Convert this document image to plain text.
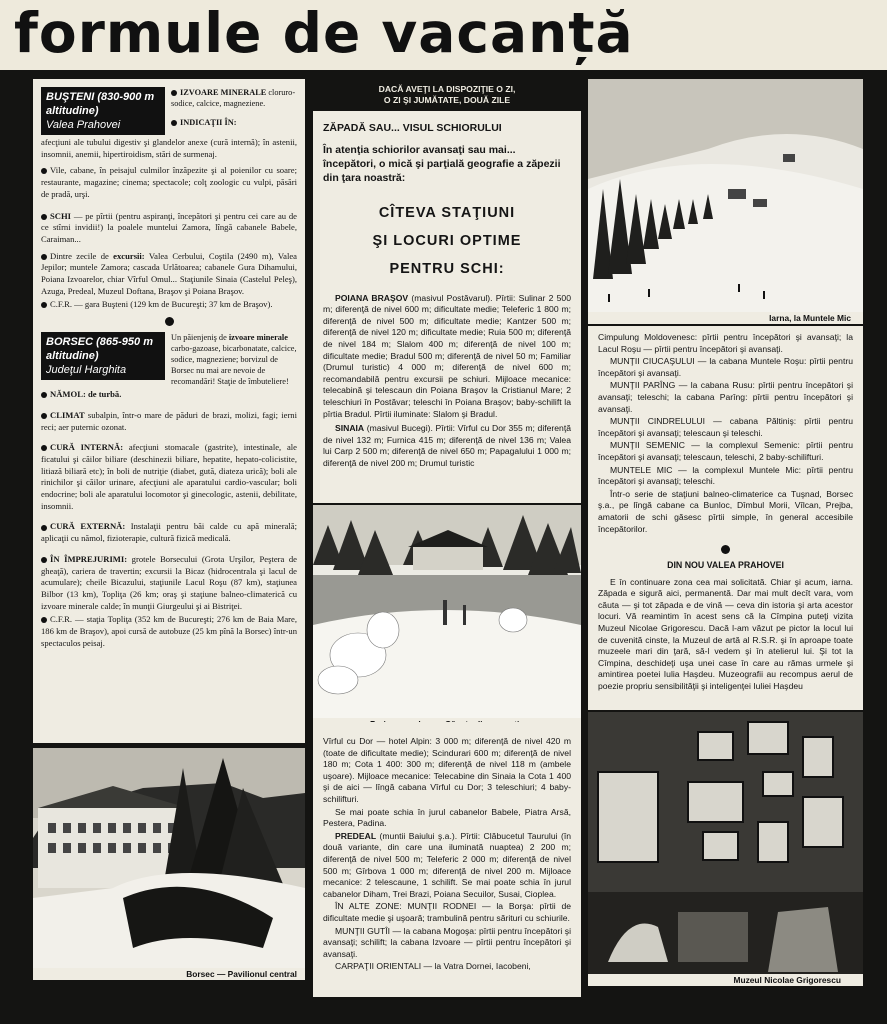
formule de vacanță
BUŞTENI (830-900 m
altitudine)
Valea Prahovei
IZVOARE MINERALE cloruro-sodice, calcice, magneziene.
INDICAŢII ÎN:

afecţiuni ale tubului digestiv şi glandelor anexe (cură internă); în astenii, insomnii, anemii, hipertiroidism, stări de surmenaj.

Vile, cabane, în peisajul culmilor înzăpezite şi al poienilor cu soare; restaurante, magazine; cinema; spectacole; colţ zoologic cu vulpi, păsări de pradă, urşi.

SCHI — pe pîrtii (pentru aspiranţi, începători şi pentru cei care au de ce stîrni invidii!) la poalele muntelui Zamora, lîngă cabanele Babele, Caraiman...

Dintre zecile de excursii: Valea Cerbului, Coştila (2490 m), Valea Jepilor; muntele Zamora; cascada Urlătoarea; cabanele Gura Dihamului, Poiana Izvoarelor, chiar Vîrful Omul... Staţiunile Sinaia (Castelul Peleş), Azuga, Predeal, Muzeul Doftana, Braşov şi Poiana Braşov.

C.F.R. — gara Buşteni (129 km de Bucureşti; 37 km de Braşov).

BORSEC (865-950 m
altitudine)
Judeţul Harghita
Un păienjeniş de izvoare minerale carbo-gazoase, bicarbonatate, calcice, sodice, magneziene; borvizul de Borsec nu mai are nevoie de recomandări! Staţie de îmbuteliere!

NĂMOL: de turbă.

CLIMAT subalpin, într-o mare de păduri de brazi, molizi, fagi; ierni reci; aer puternic ozonat.

CURĂ INTERNĂ: afecţiuni stomacale (gastrite), intestinale, ale ficatului şi căilor biliare (deschinezii biliare, hepatite, hepato-colicistite, litiază biliară etc); în boli de nutriţie (diabet, gută, diateza urică); boli ale rinichilor şi căilor urinare, afecţiuni ale aparatului cardio-vascular; boli endocrine; boli ale aparatului locomotor şi ginecologic, astenii, debilitate, insomnii.

CURĂ EXTERNĂ: Instalaţii pentru băi calde cu apă minerală; aplicaţii cu nămol, fizioterapie, cultură fizică medicală.

ÎN ÎMPREJURIMI: grotele Borsecului (Grota Urşilor, Peştera de gheaţă), cariera de travertin; excursii la Bicaz (hidrocentrala şi lacul de acumulare); cheile Bicazului, staţiunile Lacul Roşu (87 km), staţiunea Bilbor (13 km), Topliţa (26 km; oraş şi staţiune balneo-climaterică cu izvoare minerale calde; în munţii Giurgeului şi ai Bistriţei.

C.F.R. — staţia Topliţa (352 km de Bucureşti; 276 km de Baia Mare, 186 km de Braşov), apoi cursă de autobuze (25 km pînă la Borsec) într-un spectaculos peisaj.

Borsec — Pavilionul central
DACĂ AVEŢI LA DISPOZIŢIE O ZI,
O ZI ŞI JUMĂTATE, DOUĂ ZILE
ZĂPADĂ SAU... VISUL SCHIORULUI
În atenţia schiorilor avansaţi sau mai... începători, o mică şi parţială geografie a zăpezii din ţara noastră:
CÎTEVA STAŢIUNI
ŞI LOCURI OPTIME
PENTRU SCHI:

POIANA BRAŞOV (masivul Postăvarul). Pîrtii: Sulinar 2 500 m; diferenţă de nivel 600 m; dificultate medie; Teleferic 1 800 m; diferenţă de nivel 500 m; dificultate medie; Kantzer 500 m; diferenţă de nivel 120 m; dificultate medie; Ruia 500 m; diferenţă de nivel 184 m; Slalom 400 m; diferenţă de nivel 100 m; dificultate medie; Bradul 500 m; diferenţă de nivel 50 m; Familiar (Drumul turistic) 4 000 m; diferenţă de nivel 600 m; recomandabilă pentru excursii pe schiuri. Mijloace mecanice: telecabină şi telescaun din Poiana Braşov la Cristianul Mare; 2 teleschiuri în Postăvar; teleschi în Poiana Braşov; baby-schilift la pîrtia Bradul. Pîrtii iluminate: Slalom şi Bradul.

SINAIA (masivul Bucegi). Pîrtii: Vîrful cu Dor 355 m; diferenţă de nivel 132 m; Furnica 415 m; diferenţă de nivel 136 m; Valea lui Carp 2 500 m; diferenţă de nivel 650 m; Papagalului 1 000 m; diferenţă de nivel 200 m; Drumul turistic

Vîrful cu Dor — hotel Alpin: 3 000 m; diferenţă de nivel 420 m (toate de dificultate medie); Scindurari 600 m; diferenţă de nivel 180 m; Cota 1 400: 300 m; diferenţă de nivel 118 m (ambele uşoare). Mijloace mecanice: Telecabine din Sinaia la Cota 1 400 şi de aici — lîngă cabana Vîrful cu Dor; 3 teleschiuri; 4 baby-schilifturi.

Se mai poate schia în jurul cabanelor Babele, Piatra Arsă, Pestera, Padina.

PREDEAL (muntii Baiului ş.a.). Pîrtii: Clăbucetul Taurului (în două variante, din care una iluminată nuaptea) 2 200 m; diferenţă de nivel 500 m; Teleferic 2 000 m; diferenţă de nivel 500 m; Gîrbova 1 000 m; diferenţă de nivel 200 m. Mijloace mecanice: 2 telescaune, 1 schilift. Se mai poate schia în jurul cabanelor Diham, Trei Brazi, Poiana Secuilor, Susai, Cioplea.

ÎN ALTE ZONE: MUNŢII RODNEI — la Borşa: pîrtii de dificultate medie şi uşoară; trambulină pentru sărituri cu schiurile.

MUNŢII GUTÎI — la cabana Mogoşa: pîrtii pentru începători şi avansaţi; schilift; la cabana Izvoare — pîrtii pentru începători şi avansaţi.

CARPAŢII ORIENTALI — la Vatra Dornei, Iacobeni,

Iarna, la Muntele Mic

Cimpulung Moldovenesc: pîrtii pentru începători şi avansaţi; la Lacul Roşu — pîrtii pentru începători şi avansaţi.

MUNŢII CIUCAŞULUI — la cabana Muntele Roşu: pîrtii pentru începători şi avansaţi.

MUNŢII PARÎNG — la cabana Rusu: pîrtii pentru începători şi avansaţi; teleschi; la cabana Parîng: pîrtii pentru începători şi avansaţi.

MUNŢII CINDRELULUI — cabana Păltiniş: pîrtii pentru începători şi avansaţi; telescaun şi teleschi.

MUNŢII SEMENIC — la complexul Semenic: pîrtii pentru începători şi avansaţi; telescaun, teleschi, 2 baby-schilifturi.

MUNTELE MIC — la complexul Muntele Mic: pîrtii pentru începători şi avansaţi; teleschi.

Într-o serie de staţiuni balneo-climaterice ca Tuşnad, Borsec ş.a., pe lîngă cabane ca Bunloc, Dîmbul Morii, Vîlcan, Prejba, amatorii de schi găsesc pîrtii simple, în general accesibile începătorilor.

DIN NOU VALEA PRAHOVEI

E în continuare zona cea mai solicitată. Chiar şi acum, iarna. Zăpada e sigură aici, permanentă. Dar mai mult decît vara, vom căuta — şi tot zăpada e de vină — ceva din istoria şi arta acestor locuri. Vă reamintim în acest sens că la Cîmpina puteţi vizita Muzeul Nicolae Grigorescu. Dacă l-am văzut pe pictor la locul lui de cuvenită cinste, la Muzeul de artă al R.S.R. şi în aproape toate muzeele mari din ţară, să-l vedem şi în atelierul lui. Şi tot la Cîmpina, deschideţi uşa unei case în care au rămas urmele şi amintirea poetei Iulia Haşdeu. Muzeografii au recompus aerul de poezie propriu sensibilităţii şi inteligenţei Iuliei Haşdeu

Muzeul Nicolae Grigorescu
